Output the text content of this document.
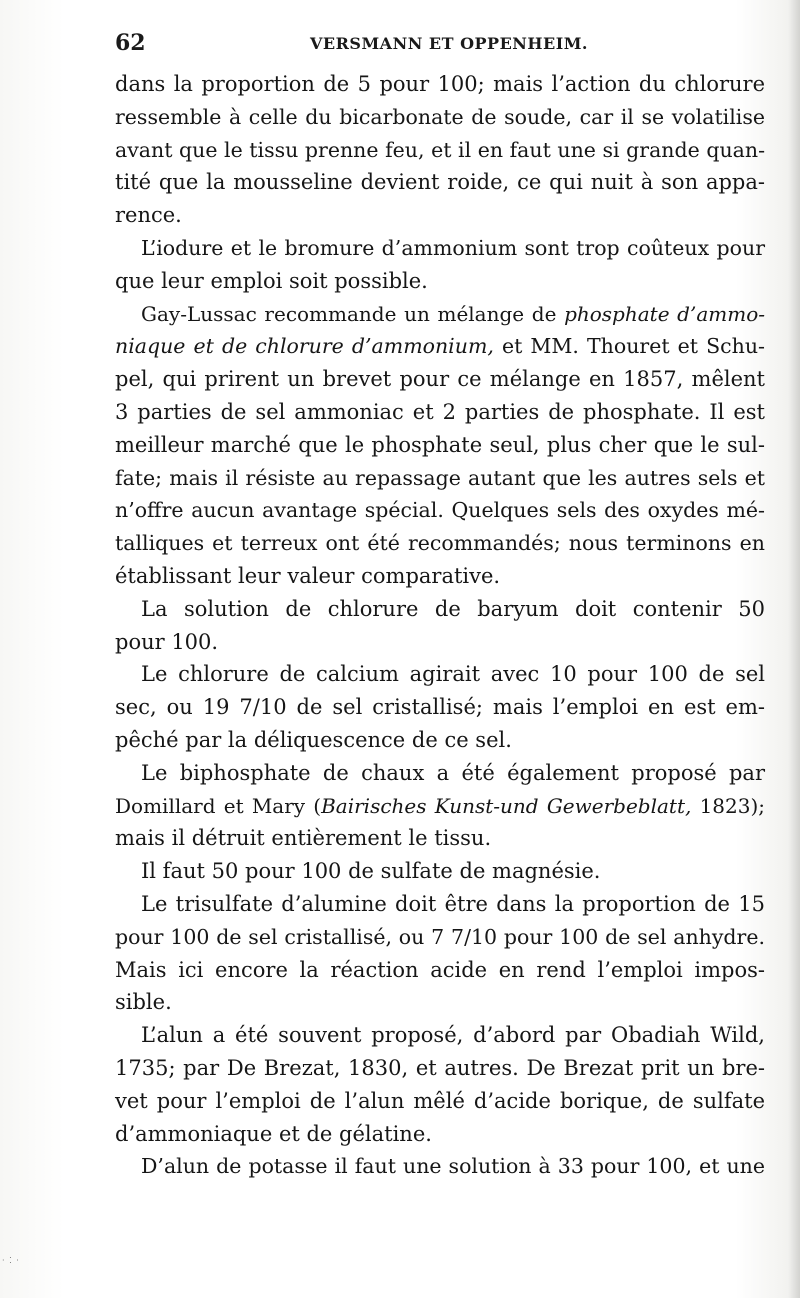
62	VERSMANN ET OPPENHEIM.
dans la proportion de 5 pour 100; mais l’action du chlorure
ressemble à celle du bicarbonate de soude, car il se volatilise
avant que le tissu prenne feu, et il en faut une si grande quan-
tité que la mousseline devient roide, ce qui nuit à son appa-
rence.
L’iodure et le bromure d’ammonium sont trop coûteux pour
que leur emploi soit possible.
Gay-Lussac recommande un mélange de phosphate d’ammo-
niaque et de chlorure d’ammonium, et MM. Thouret et Schu-
pel, qui prirent un brevet pour ce mélange en 1857, mêlent
3 parties de sel ammoniac et 2 parties de phosphate. Il est
meilleur marché que le phosphate seul, plus cher que le sul-
fate; mais il résiste au repassage autant que les autres sels et
n’offre aucun avantage spécial. Quelques sels des oxydes mé-
talliques et terreux ont été recommandés; nous terminons en
établissant leur valeur comparative.
La solution de chlorure de baryum doit contenir 50
pour 100.
Le chlorure de calcium agirait avec 10 pour 100 de sel
sec, ou 19 7/10 de sel cristallisé; mais l’emploi en est em-
pêché par la déliquescence de ce sel.
Le biphosphate de chaux a été également proposé par
Domillard et Mary (Bairisches Kunst-und Gewerbeblatt, 1823);
mais il détruit entièrement le tissu.
Il faut 50 pour 100 de sulfate de magnésie.
Le trisulfate d’alumine doit être dans la proportion de 15
pour 100 de sel cristallisé, ou 7 7/10 pour 100 de sel anhydre.
Mais ici encore la réaction acide en rend l’emploi impos-
sible.
L’alun a été souvent proposé, d’abord par Obadiah Wild,
1735; par De Brezat, 1830, et autres. De Brezat prit un bre-
vet pour l’emploi de l’alun mêlé d’acide borique, de sulfate
d’ammoniaque et de gélatine.
D’alun de potasse il faut une solution à 33 pour 100, et une
· ⁚ ·
